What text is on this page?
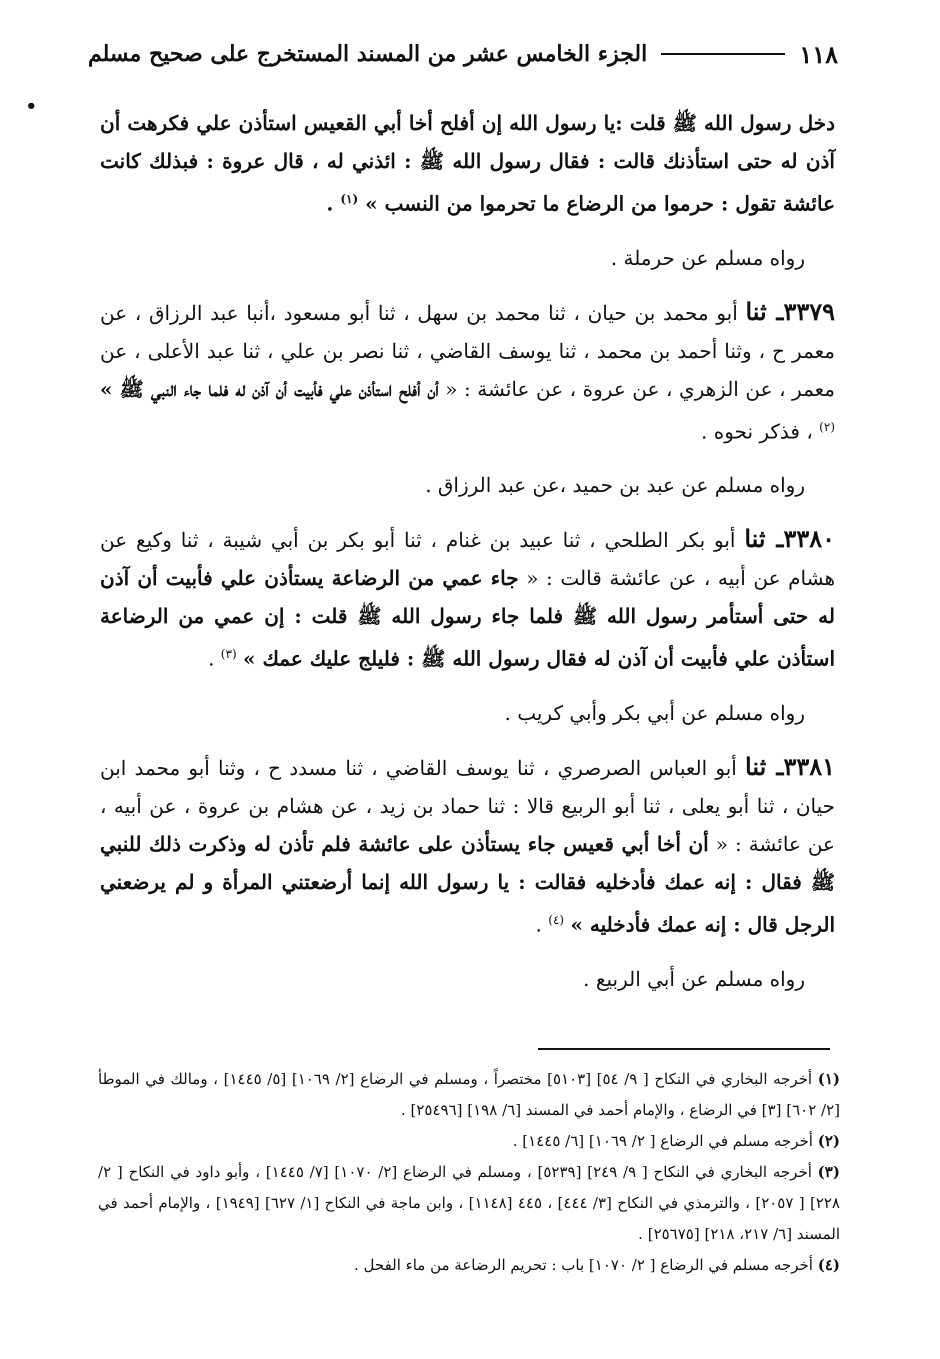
١١٨
الجزء الخامس عشر من المسند المستخرج على صحيح مسلم
•

دخل رسول الله ﷺ قلت :يا رسول الله إن أفلح أخا أبي القعيس استأذن علي فكرهت أن آذن له حتى استأذنك قالت : فقال رسول الله ﷺ : ائذني له ، قال عروة : فبذلك كانت عائشة تقول : حرموا من الرضاع ما تحرموا من النسب » $^{(١)}$ .

رواه مسلم عن حرملة .

٣٣٧٩ـ ثنا أبو محمد بن حيان ، ثنا محمد بن سهل ، ثنا أبو مسعود ،أنبا عبد الرزاق ، عن معمر ح ، وثنا أحمد بن محمد ، ثنا يوسف القاضي ، ثنا نصر بن علي ، ثنا عبد الأعلى ، عن معمر ، عن الزهري ، عن عروة ، عن عائشة : « أن أفلح استأذن علي فأبيت أن آذن له فلما جاء النبي ﷺ » $^{(٢)}$ ، فذكر نحوه .

رواه مسلم عن عبد بن حميد ،عن عبد الرزاق .

٣٣٨٠ـ ثنا أبو بكر الطلحي ، ثنا عبيد بن غنام ، ثنا أبو بكر بن أبي شيبة ، ثنا وكيع عن هشام عن أبيه ، عن عائشة قالت : « جاء عمي من الرضاعة يستأذن علي فأبيت أن آذن له حتى أستأمر رسول الله ﷺ فلما جاء رسول الله ﷺ قلت : إن عمي من الرضاعة استأذن علي فأبيت أن آذن له فقال رسول الله ﷺ : فليلج عليك عمك » $^{(٣)}$ .

رواه مسلم عن أبي بكر وأبي كريب .

٣٣٨١ـ ثنا أبو العباس الصرصري ، ثنا يوسف القاضي ، ثنا مسدد ح ، وثنا أبو محمد ابن حيان ، ثنا أبو يعلى ، ثنا أبو الربيع قالا : ثنا حماد بن زيد ، عن هشام بن عروة ، عن أبيه ، عن عائشة : « أن أخا أبي قعيس جاء يستأذن على عائشة فلم تأذن له وذكرت ذلك للنبي ﷺ فقال : إنه عمك فأدخليه فقالت : يا رسول الله إنما أرضعتني المرأة و لم يرضعني الرجل قال : إنه عمك فأدخليه » $^{(٤)}$ .

رواه مسلم عن أبي الربيع .

(١) أخرجه البخاري في النكاح [ ٩/ ٥٤] [٥١٠٣] مختصراً ، ومسلم في الرضاع [٢/ ١٠٦٩] [٥/ ١٤٤٥] ، ومالك في الموطأ [٢/ ٦٠٢] [٣] في الرضاع ، والإمام أحمد في المسند [٦/ ١٩٨] [٢٥٤٩٦] .
(٢) أخرجه مسلم في الرضاع [ ٢/ ١٠٦٩] [٦/ ١٤٤٥] .
(٣) أخرجه البخاري في النكاح [ ٩/ ٢٤٩] [٥٢٣٩] ، ومسلم في الرضاع [٢/ ١٠٧٠] [٧/ ١٤٤٥] ، وأبو داود في النكاح [ ٢/ ٢٢٨] [ ٢٠٥٧] ، والترمذي في النكاح [٣/ ٤٤٤] ، ٤٤٥ [١١٤٨] ، وابن ماجة في النكاح [١/ ٦٢٧] [١٩٤٩] ، والإمام أحمد في المسند [٦/ ٢١٧، ٢١٨] [٢٥٦٧٥] .
(٤) أخرجه مسلم في الرضاع [ ٢/ ١٠٧٠] باب : تحريم الرضاعة من ماء الفحل .
